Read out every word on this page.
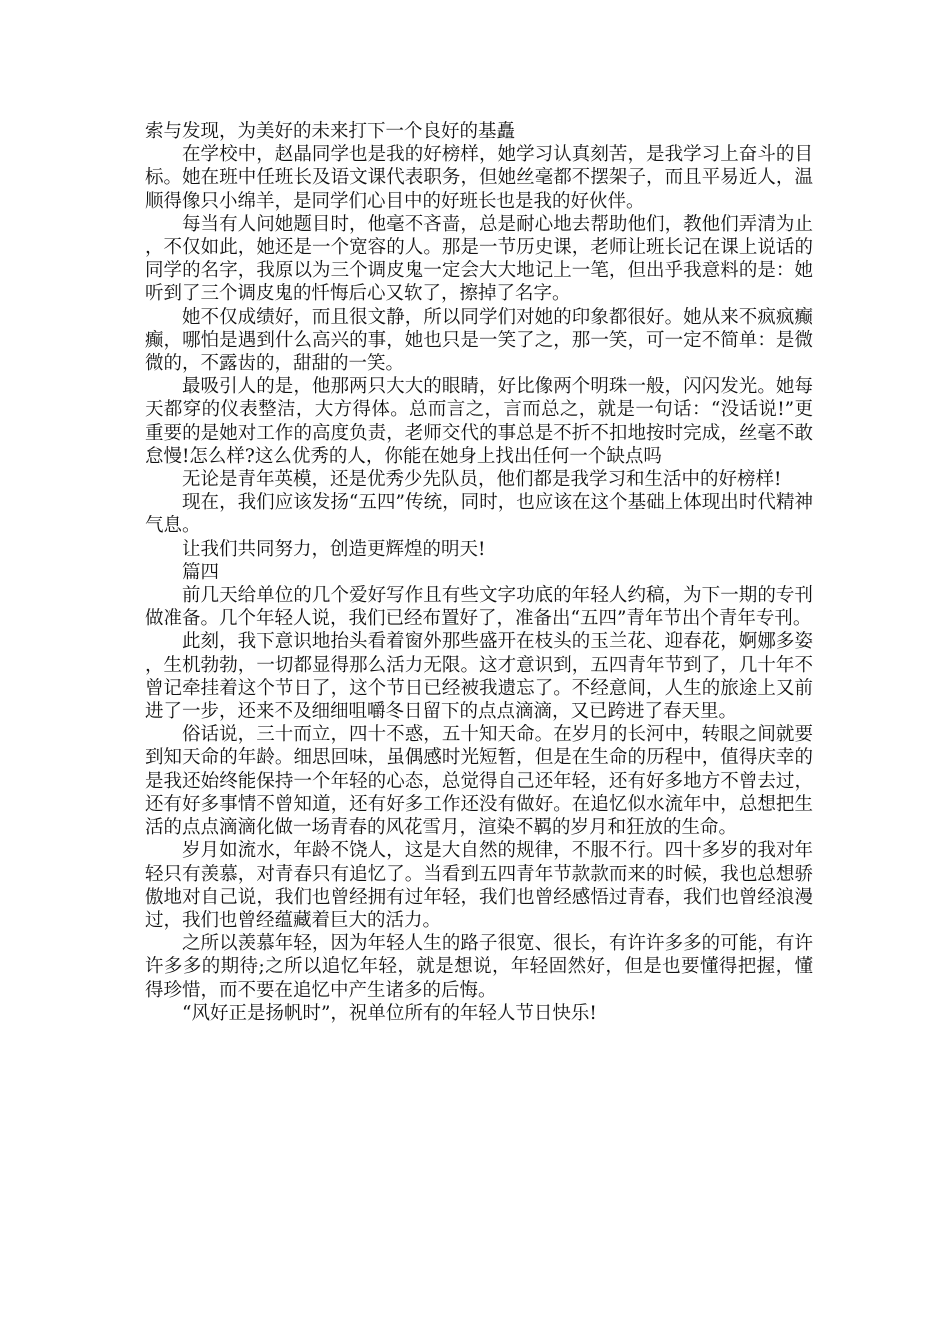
索与发现，为美好的未来打下一个良好的基矗

在学校中，赵晶同学也是我的好榜样，她学习认真刻苦，是我学习上奋斗的目标。她在班中任班长及语文课代表职务，但她丝毫都不摆架子，而且平易近人，温顺得像只小绵羊，是同学们心目中的好班长也是我的好伙伴。

每当有人问她题目时，他毫不吝啬，总是耐心地去帮助他们，教他们弄清为止，不仅如此，她还是一个宽容的人。那是一节历史课，老师让班长记在课上说话的同学的名字，我原以为三个调皮鬼一定会大大地记上一笔，但出乎我意料的是：她听到了三个调皮鬼的忏悔后心又软了，擦掉了名字。

她不仅成绩好，而且很文静，所以同学们对她的印象都很好。她从来不疯疯癫癫，哪怕是遇到什么高兴的事，她也只是一笑了之，那一笑，可一定不简单：是微微的，不露齿的，甜甜的一笑。

最吸引人的是，他那两只大大的眼睛，好比像两个明珠一般，闪闪发光。她每天都穿的仪表整洁，大方得体。总而言之，言而总之，就是一句话：“没话说!”更重要的是她对工作的高度负责，老师交代的事总是不折不扣地按时完成，丝毫不敢怠慢!怎么样?这么优秀的人，你能在她身上找出任何一个缺点吗

无论是青年英模，还是优秀少先队员，他们都是我学习和生活中的好榜样!

现在，我们应该发扬“五四”传统，同时，也应该在这个基础上体现出时代精神气息。

让我们共同努力，创造更辉煌的明天!

篇四

前几天给单位的几个爱好写作且有些文字功底的年轻人约稿，为下一期的专刊做准备。几个年轻人说，我们已经布置好了，准备出“五四”青年节出个青年专刊。

此刻，我下意识地抬头看着窗外那些盛开在枝头的玉兰花、迎春花，婀娜多姿，生机勃勃，一切都显得那么活力无限。这才意识到，五四青年节到了，几十年不曾记牵挂着这个节日了，这个节日已经被我遗忘了。不经意间，人生的旅途上又前进了一步，还来不及细细咀嚼冬日留下的点点滴滴，又已跨进了春天里。

俗话说，三十而立，四十不惑，五十知天命。在岁月的长河中，转眼之间就要到知天命的年龄。细思回味，虽偶感时光短暂，但是在生命的历程中，值得庆幸的是我还始终能保持一个年轻的心态，总觉得自己还年轻，还有好多地方不曾去过，还有好多事情不曾知道，还有好多工作还没有做好。在追忆似水流年中，总想把生活的点点滴滴化做一场青春的风花雪月，渲染不羁的岁月和狂放的生命。

岁月如流水，年龄不饶人，这是大自然的规律，不服不行。四十多岁的我对年轻只有羡慕，对青春只有追忆了。当看到五四青年节款款而来的时候，我也总想骄傲地对自己说，我们也曾经拥有过年轻，我们也曾经感悟过青春，我们也曾经浪漫过，我们也曾经蕴藏着巨大的活力。

之所以羡慕年轻，因为年轻人生的路子很宽、很长，有许许多多的可能，有许许多多的期待;之所以追忆年轻，就是想说，年轻固然好，但是也要懂得把握，懂得珍惜，而不要在追忆中产生诸多的后悔。

“风好正是扬帆时”，祝单位所有的年轻人节日快乐!
